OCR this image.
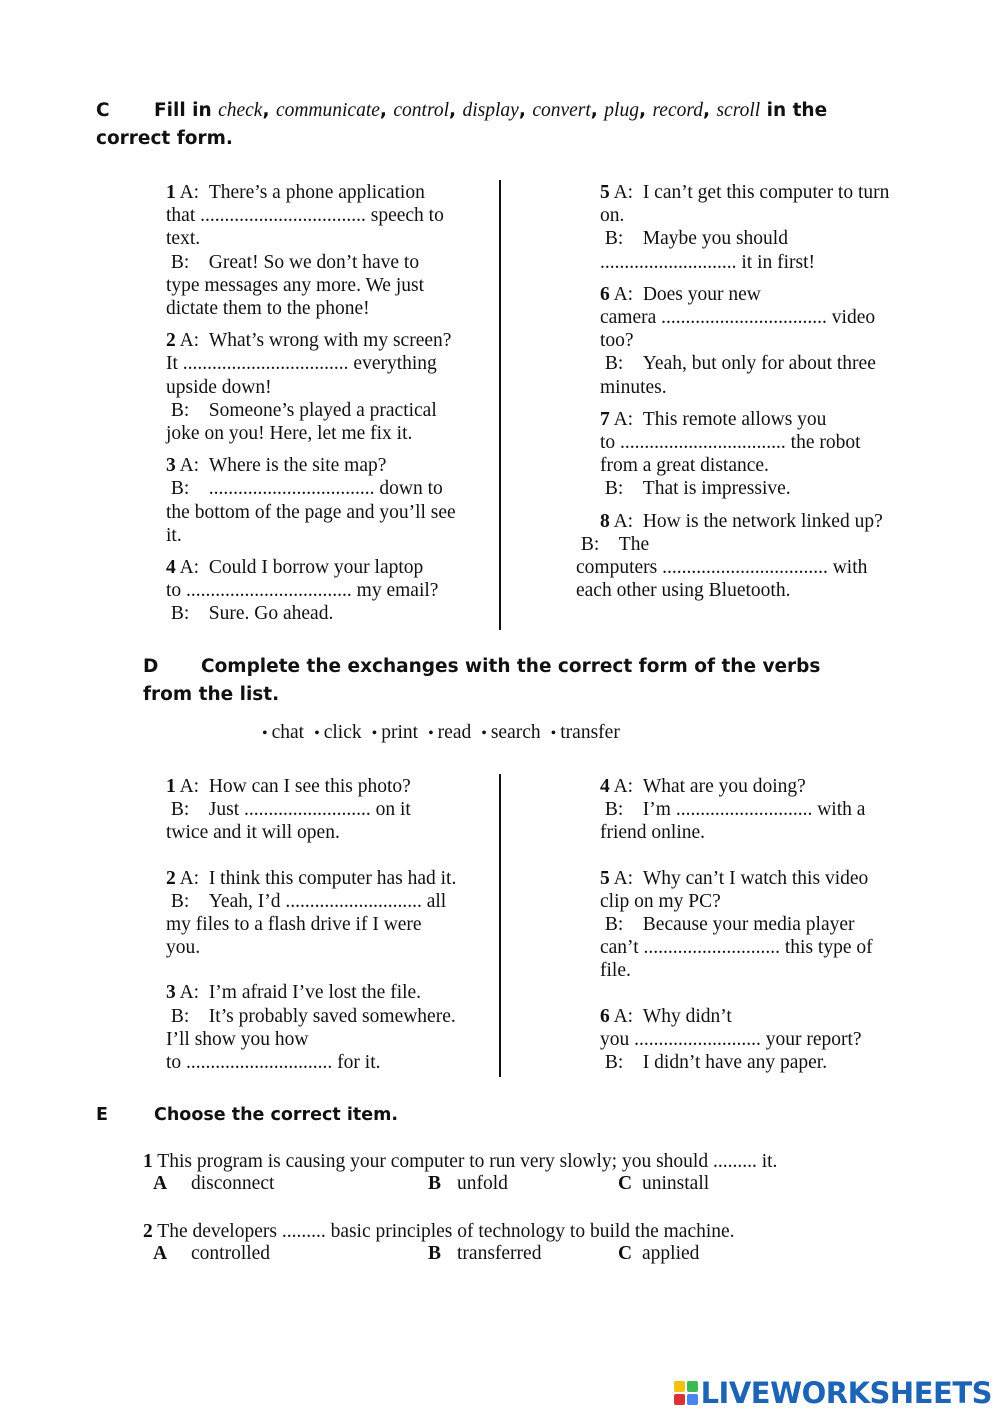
C Fill in check, communicate, control, display, convert, plug, record, scroll in the
correct form.

1 A:  There’s a phone application

that .................................. speech to

text.

B:    Great! So we don’t have to

type messages any more. We just

dictate them to the phone!

2 A:  What’s wrong with my screen?

It .................................. everything

upside down!

B:    Someone’s played a practical

joke on you! Here, let me fix it.

3 A:  Where is the site map?

B:    .................................. down to

the bottom of the page and you’ll see

it.

4 A:  Could I borrow your laptop

to .................................. my email?

B:    Sure. Go ahead.

5 A:  I can’t get this computer to turn

on.

B:    Maybe you should

............................ it in first!

6 A:  Does your new

camera .................................. video

too?

B:    Yeah, but only for about three

minutes.

7 A:  This remote allows you

to .................................. the robot

from a great distance.

B:    That is impressive.

8 A:  How is the network linked up?

B:    The

computers .................................. with

each other using Bluetooth.

D Complete the exchanges with the correct form of the verbs
from the list.
• chat • click • print • read • search • transfer

1 A:  How can I see this photo?

B:    Just .......................... on it

twice and it will open.

2 A:  I think this computer has had it.

B:    Yeah, I’d ............................ all

my files to a flash drive if I were

you.

3 A:  I’m afraid I’ve lost the file.

B:    It’s probably saved somewhere.

I’ll show you how

to .............................. for it.

4 A:  What are you doing?

B:    I’m ............................ with a

friend online.

5 A:  Why can’t I watch this video

clip on my PC?

B:    Because your media player

can’t ............................ this type of

file.

6 A:  Why didn’t

you .......................... your report?

B:    I didn’t have any paper.

E	Choose the correct item.
1 This program is causing your computer to run very slowly; you should ......... it.
A disconnect	B unfold	C uninstall
2 The developers ......... basic principles of technology to build the machine.
A controlled	B transferred	C applied
LIVEWORKSHEETS
